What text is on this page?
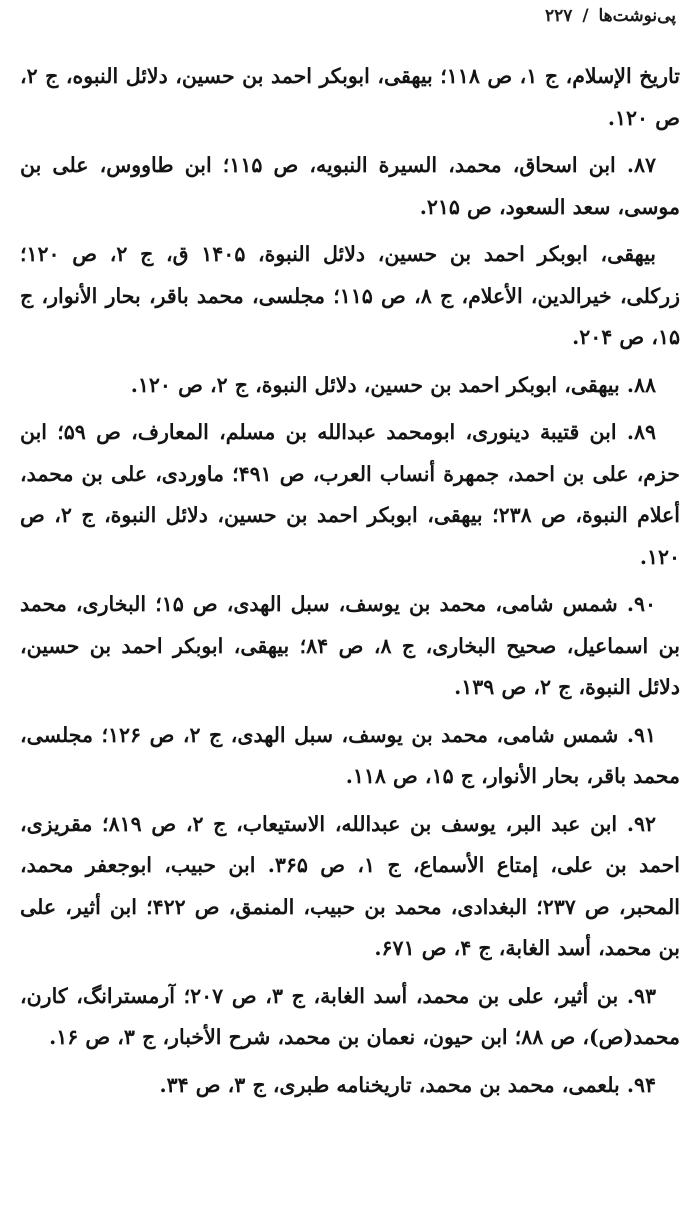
پی‌نوشت‌ها / ۲۲۷

تاریخ الإسلام، ج ۱، ص ۱۱۸؛ بیهقی، ابوبکر احمد بن حسین، دلائل النبوه، ج ۲، ص ۱۲۰.

۸۷. ابن اسحاق، محمد، السیرة النبویه، ص ۱۱۵؛ ابن طاووس، علی بن موسی، سعد السعود، ص ۲۱۵.

بیهقی، ابوبکر احمد بن حسین، دلائل النبوة، ۱۴۰۵ ق، ج ۲، ص ۱۲۰؛ زرکلی، خیرالدین، الأعلام، ج ۸، ص ۱۱۵؛ مجلسی، محمد باقر، بحار الأنوار، ج ۱۵، ص ۲۰۴.

۸۸. بیهقی، ابوبکر احمد بن حسین، دلائل النبوة، ج ۲، ص ۱۲۰.

۸۹. ابن قتیبة دینوری، ابومحمد عبدالله بن مسلم، المعارف، ص ۵۹؛ ابن حزم، علی بن احمد، جمهرة أنساب العرب، ص ۴۹۱؛ ماوردی، علی بن محمد، أعلام النبوة، ص ۲۳۸؛ بیهقی، ابوبکر احمد بن حسین، دلائل النبوة، ج ۲، ص ۱۲۰.

۹۰. شمس شامی، محمد بن یوسف، سبل الهدی، ص ۱۵؛ البخاری، محمد بن اسماعیل، صحیح البخاری، ج ۸، ص ۸۴؛ بیهقی، ابوبکر احمد بن حسین، دلائل النبوة، ج ۲، ص ۱۳۹.

۹۱. شمس شامی، محمد بن یوسف، سبل الهدی، ج ۲، ص ۱۲۶؛ مجلسی، محمد باقر، بحار الأنوار، ج ۱۵، ص ۱۱۸.

۹۲. ابن عبد البر، یوسف بن عبدالله، الاستیعاب، ج ۲، ص ۸۱۹؛ مقریزی، احمد بن علی، إمتاع الأسماع، ج ۱، ص ۳۶۵. ابن حبیب، ابوجعفر محمد، المحبر، ص ۲۳۷؛ البغدادی، محمد بن حبیب، المنمق، ص ۴۲۲؛ ابن أثیر، علی بن محمد، أسد الغابة، ج ۴، ص ۶۷۱.

۹۳. بن أثیر، علی بن محمد، أسد الغابة، ج ۳، ص ۲۰۷؛ آرمسترانگ، کارن، محمد(ص)، ص ۸۸؛ ابن حیون، نعمان بن محمد، شرح الأخبار، ج ۳، ص ۱۶.

۹۴. بلعمی، محمد بن محمد، تاریخنامه طبری، ج ۳، ص ۳۴.
